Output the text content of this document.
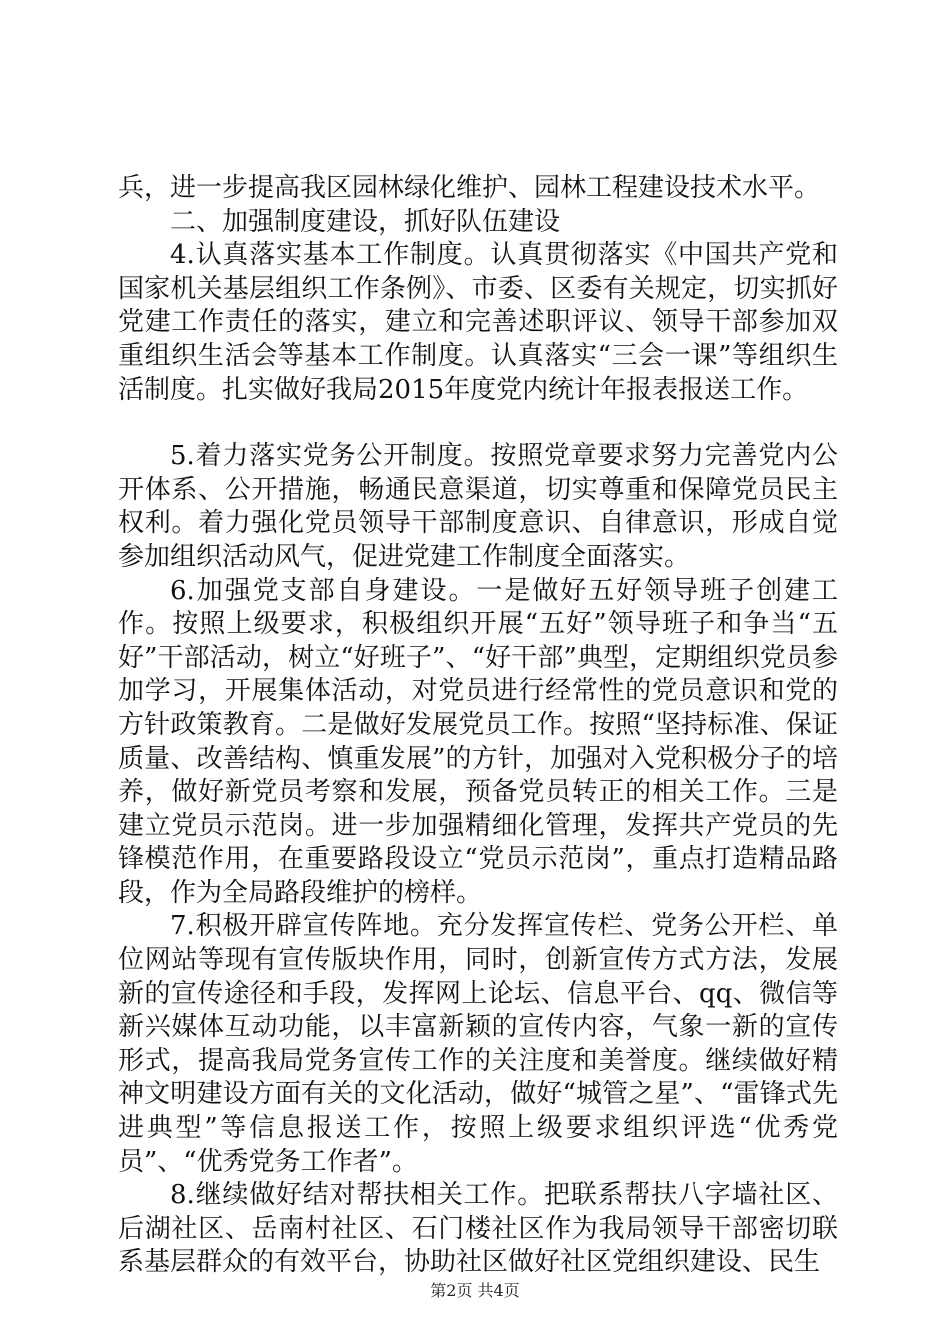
兵，进一步提高我区园林绿化维护、园林工程建设技术水平。

二、加强制度建设，抓好队伍建设

4.认真落实基本工作制度。认真贯彻落实《中国共产党和国家机关基层组织工作条例》、市委、区委有关规定，切实抓好党建工作责任的落实，建立和完善述职评议、领导干部参加双重组织生活会等基本工作制度。认真落实“三会一课”等组织生活制度。扎实做好我局2015年度党内统计年报表报送工作。

5.着力落实党务公开制度。按照党章要求努力完善党内公开体系、公开措施，畅通民意渠道，切实尊重和保障党员民主权利。着力强化党员领导干部制度意识、自律意识，形成自觉参加组织活动风气，促进党建工作制度全面落实。

6.加强党支部自身建设。一是做好五好领导班子创建工作。按照上级要求，积极组织开展“五好”领导班子和争当“五好”干部活动，树立“好班子”、“好干部”典型，定期组织党员参加学习，开展集体活动，对党员进行经常性的党员意识和党的方针政策教育。二是做好发展党员工作。按照“坚持标准、保证质量、改善结构、慎重发展”的方针，加强对入党积极分子的培养，做好新党员考察和发展，预备党员转正的相关工作。三是建立党员示范岗。进一步加强精细化管理，发挥共产党员的先锋模范作用，在重要路段设立“党员示范岗”，重点打造精品路段，作为全局路段维护的榜样。

7.积极开辟宣传阵地。充分发挥宣传栏、党务公开栏、单位网站等现有宣传版块作用，同时，创新宣传方式方法，发展新的宣传途径和手段，发挥网上论坛、信息平台、qq、微信等新兴媒体互动功能，以丰富新颖的宣传内容，气象一新的宣传形式，提高我局党务宣传工作的关注度和美誉度。继续做好精神文明建设方面有关的文化活动，做好“城管之星”、“雷锋式先进典型”等信息报送工作，按照上级要求组织评选“优秀党员”、“优秀党务工作者”。

8.继续做好结对帮扶相关工作。把联系帮扶八字墙社区、后湖社区、岳南村社区、石门楼社区作为我局领导干部密切联系基层群众的有效平台，协助社区做好社区党组织建设、民生

第2页 共4页
